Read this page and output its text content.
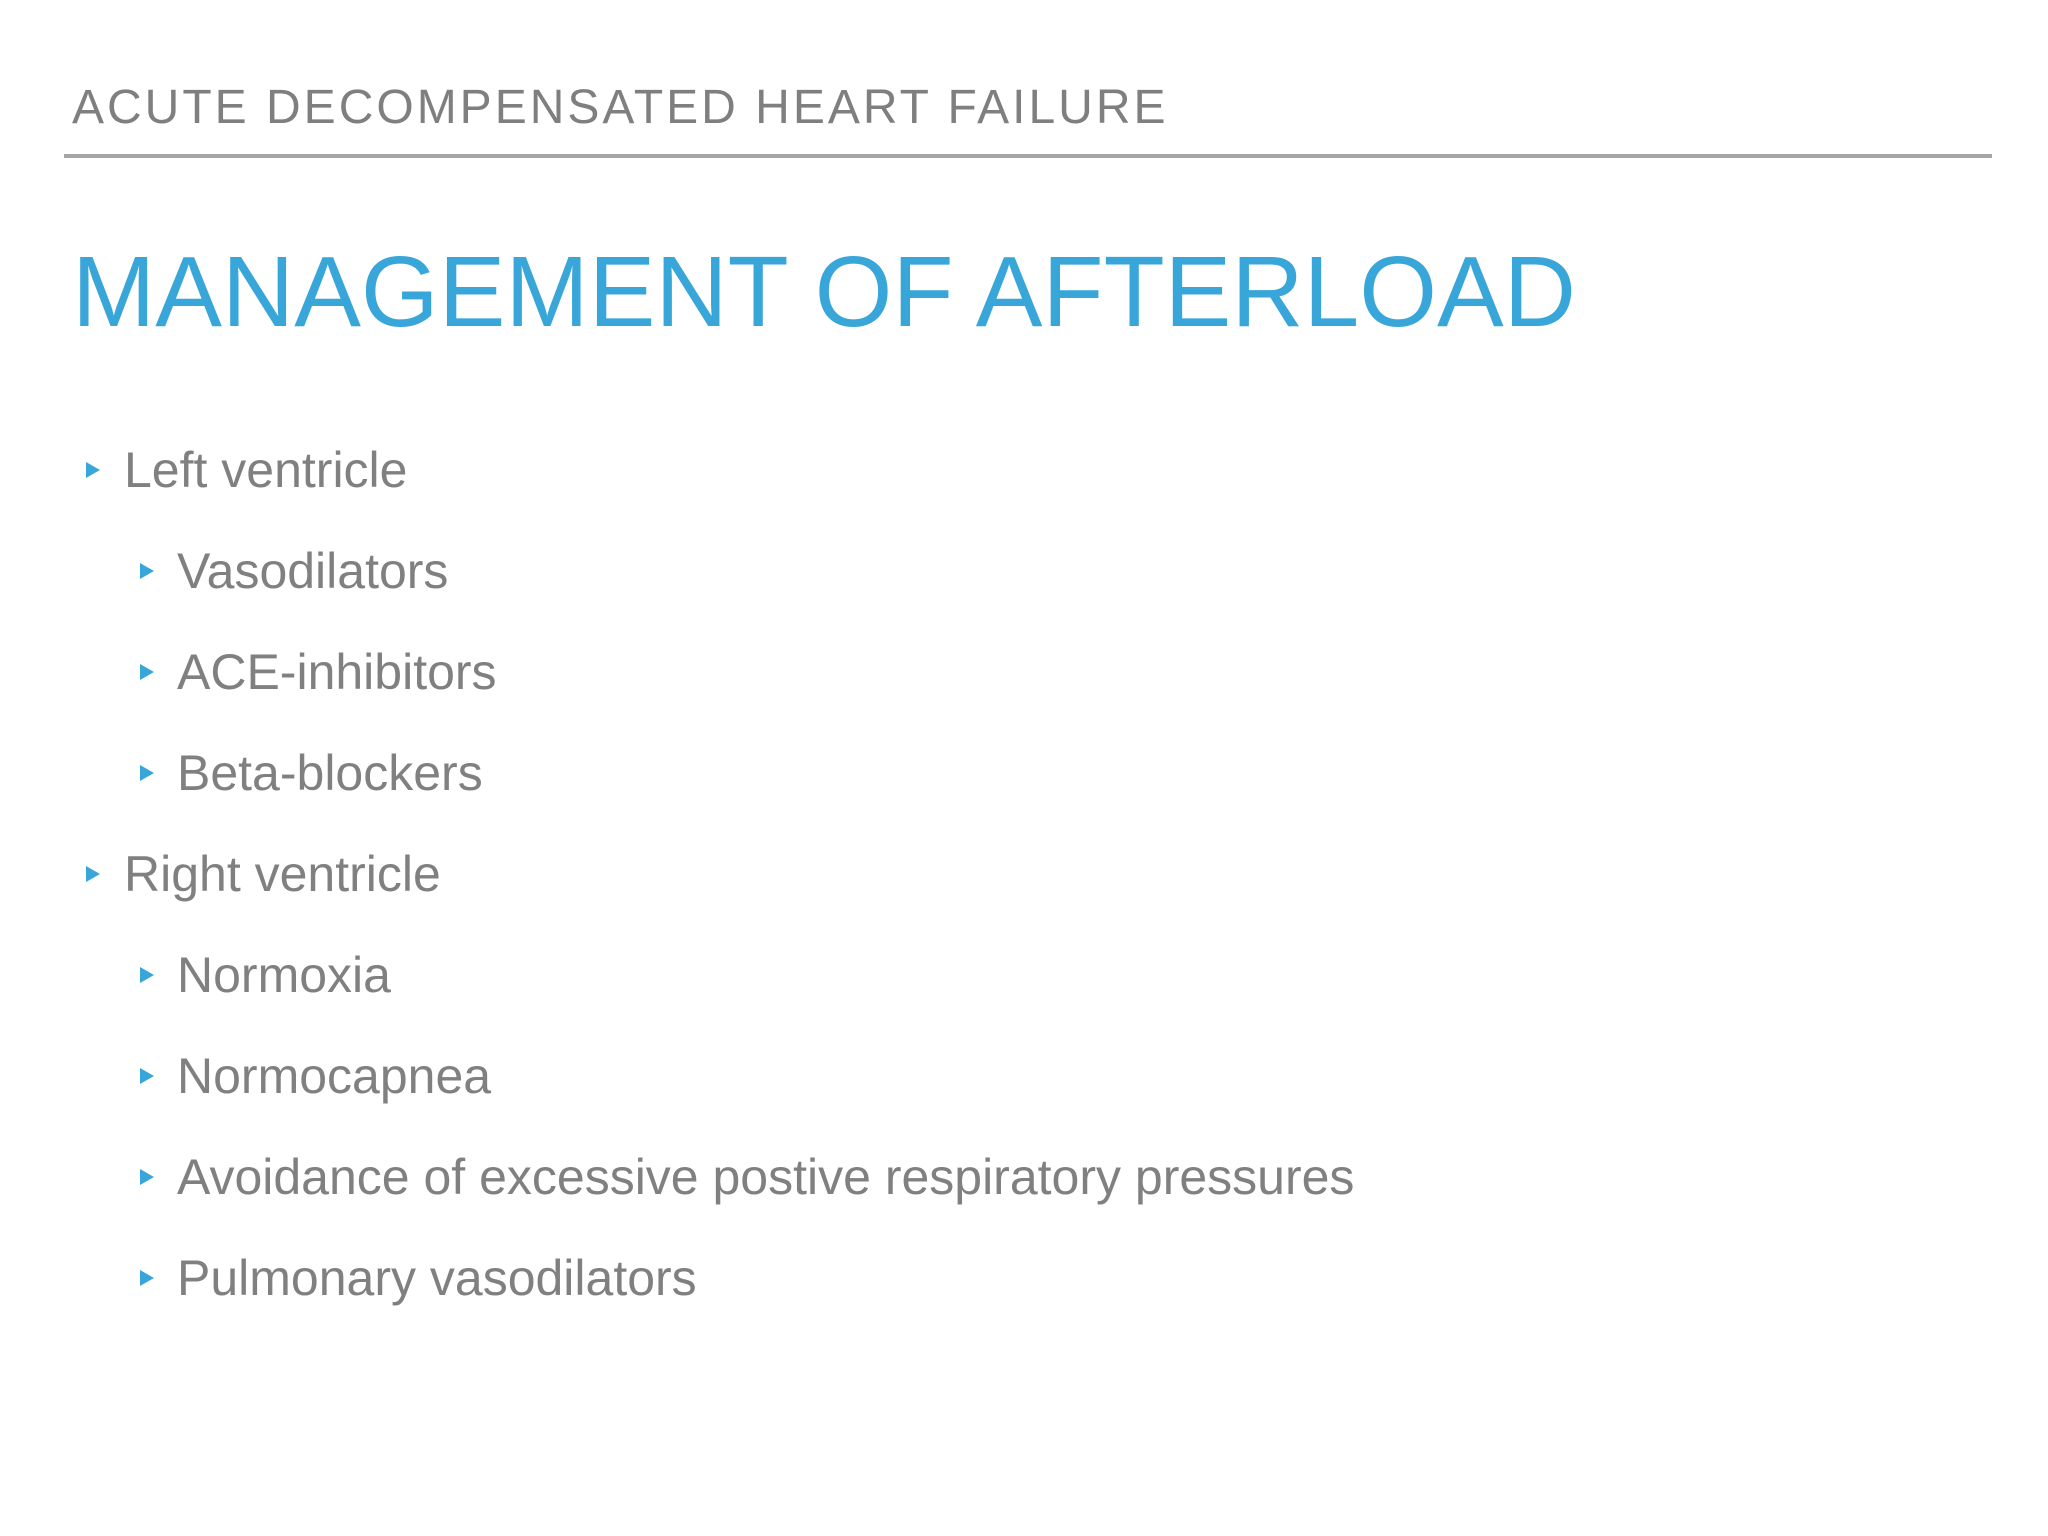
ACUTE DECOMPENSATED HEART FAILURE
MANAGEMENT OF AFTERLOAD
Left ventricle
Vasodilators
ACE-inhibitors
Beta-blockers
Right ventricle
Normoxia
Normocapnea
Avoidance of excessive postive respiratory pressures
Pulmonary vasodilators
